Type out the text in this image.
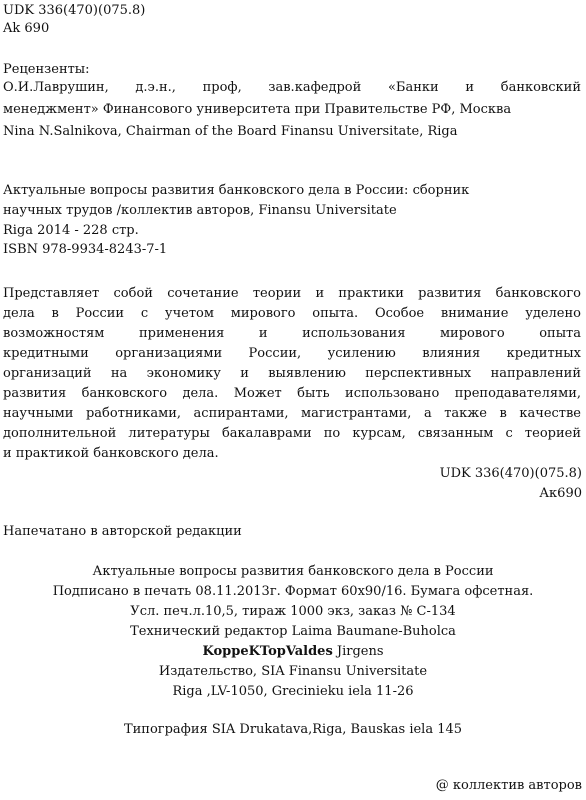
UDK 336(470)(075.8)
Ak 690
Рецензенты:
О.И.Лаврушин, д.э.н., проф, зав.кафедрой «Банки и банковский
менеджмент» Финансового университета при Правительстве РФ, Москва
Nina N.Salnikova, Chairman of the Board Finansu Universitate, Riga
Актуальные вопросы развития банковского дела в России: сборник
научных трудов /коллектив авторов, Finansu Universitate
Riga 2014 - 228 стр.
ISBN 978-9934-8243-7-1
Представляет собой сочетание теории и практики развития банковского
дела в России с учетом мирового опыта. Особое внимание уделено
возможностям применения и использования мирового опыта
кредитными организациями России, усилению влияния кредитных
организаций на экономику и выявлению перспективных направлений
развития банковского дела. Может быть использовано преподавателями,
научными работниками, аспирантами, магистрантами, а также в качестве
дополнительной литературы бакалаврами по курсам, связанным с теорией
и практикой банковского дела.
UDK 336(470)(075.8)
Ак690
Напечатано в авторской редакции
Актуальные вопросы развития банковского дела в России
Подписано в печать 08.11.2013г. Формат 60х90/16. Бумага офсетная.
Усл. печ.л.10,5, тираж 1000 экз, заказ № С-134
Технический редактор Laima Baumane-Buholca
KoppeKTopValdes Jirgens
Издательство, SIA Finansu Universitate
Riga ,LV-1050, Grecinieku iela 11-26
Типография SIA Drukatava,Riga, Bauskas iela 145
@ коллектив авторов
